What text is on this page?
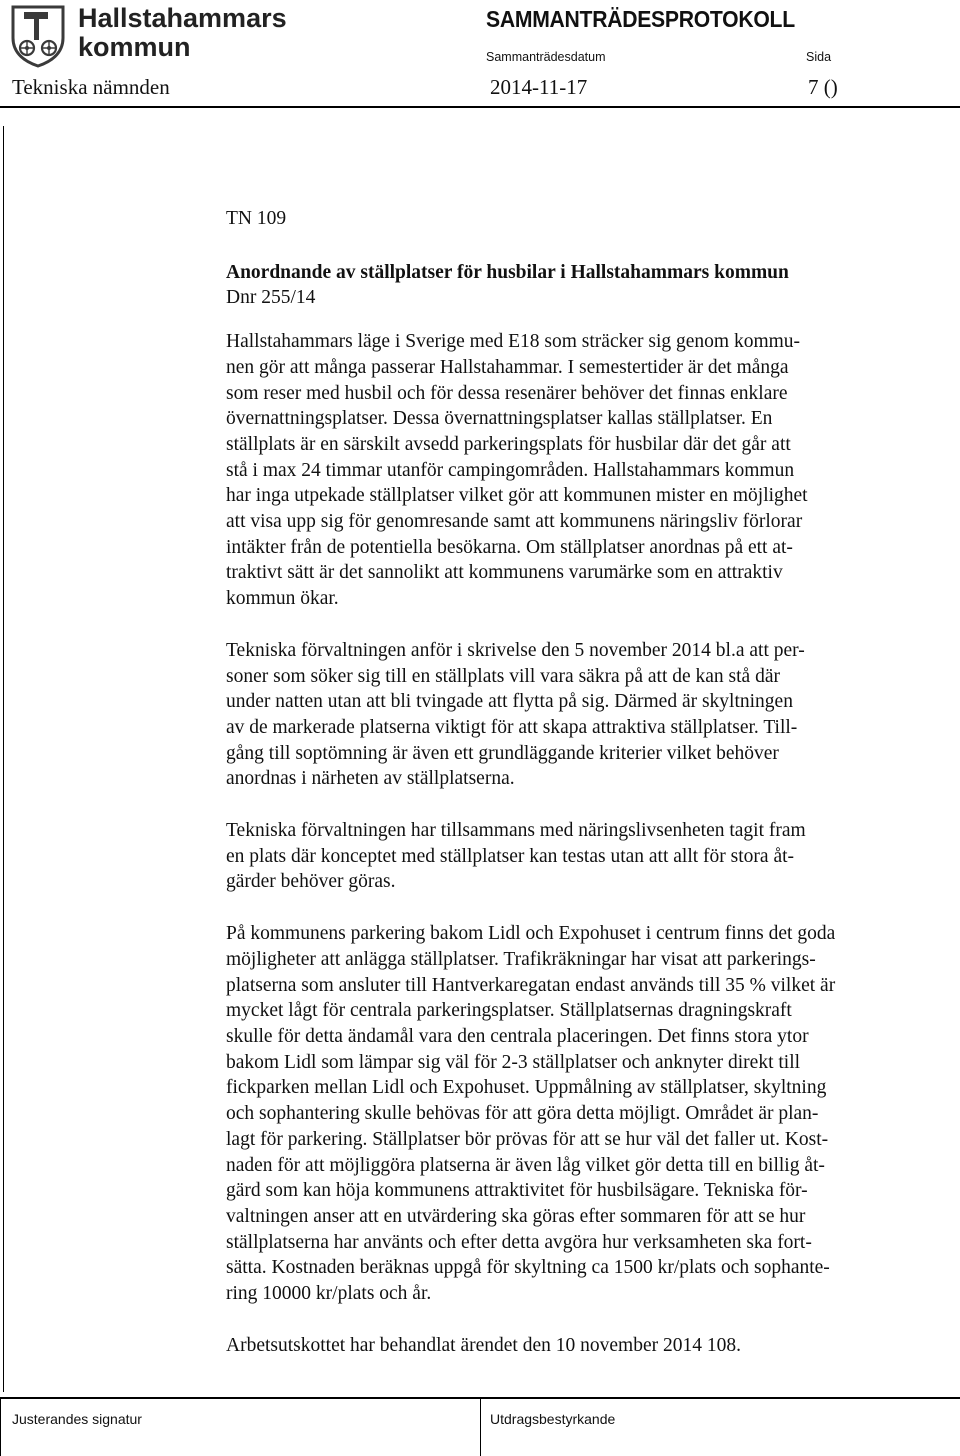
Hallstahammars
kommun
SAMMANTRÄDESPROTOKOLL
Sammanträdesdatum	Sida
Tekniska nämnden	2014-11-17	7 ()

TN 109

Anordnande av ställplatser för husbilar i Hallstahammars kommun

Dnr 255/14

Hallstahammars läge i Sverige med E18 som sträcker sig genom kommu-
nen gör att många passerar Hallstahammar. I semestertider är det många
som reser med husbil och för dessa resenärer behöver det finnas enklare
övernattningsplatser. Dessa övernattningsplatser kallas ställplatser. En
ställplats är en särskilt avsedd parkeringsplats för husbilar där det går att
stå i max 24 timmar utanför campingområden. Hallstahammars kommun
har inga utpekade ställplatser vilket gör att kommunen mister en möjlighet
att visa upp sig för genomresande samt att kommunens näringsliv förlorar
intäkter från de potentiella besökarna. Om ställplatser anordnas på ett at-
traktivt sätt är det sannolikt att kommunens varumärke som en attraktiv
kommun ökar.

Tekniska förvaltningen anför i skrivelse den 5 november 2014 bl.a att per-
soner som söker sig till en ställplats vill vara säkra på att de kan stå där
under natten utan att bli tvingade att flytta på sig. Därmed är skyltningen
av de markerade platserna viktigt för att skapa attraktiva ställplatser. Till-
gång till soptömning är även ett grundläggande kriterier vilket behöver
anordnas i närheten av ställplatserna.

Tekniska förvaltningen har tillsammans med näringslivsenheten tagit fram
en plats där konceptet med ställplatser kan testas utan att allt för stora åt-
gärder behöver göras.

På kommunens parkering bakom Lidl och Expohuset i centrum finns det goda
möjligheter att anlägga ställplatser. Trafikräkningar har visat att parkerings-
platserna som ansluter till Hantverkaregatan endast används till 35 % vilket är
mycket lågt för centrala parkeringsplatser. Ställplatsernas dragningskraft
skulle för detta ändamål vara den centrala placeringen. Det finns stora ytor
bakom Lidl som lämpar sig väl för 2-3 ställplatser och anknyter direkt till
fickparken mellan Lidl och Expohuset. Uppmålning av ställplatser, skyltning
och sophantering skulle behövas för att göra detta möjligt. Området är plan-
lagt för parkering. Ställplatser bör prövas för att se hur väl det faller ut. Kost-
naden för att möjliggöra platserna är även låg vilket gör detta till en billig åt-
gärd som kan höja kommunens attraktivitet för husbilsägare. Tekniska för-
valtningen anser att en utvärdering ska göras efter sommaren för att se hur
ställplatserna har använts och efter detta avgöra hur verksamheten ska fort-
sätta. Kostnaden beräknas uppgå för skyltning ca 1500 kr/plats och sophante-
ring 10000 kr/plats och år.

Arbetsutskottet har behandlat ärendet den 10 november 2014 108.

Justerandes signatur	Utdragsbestyrkande
